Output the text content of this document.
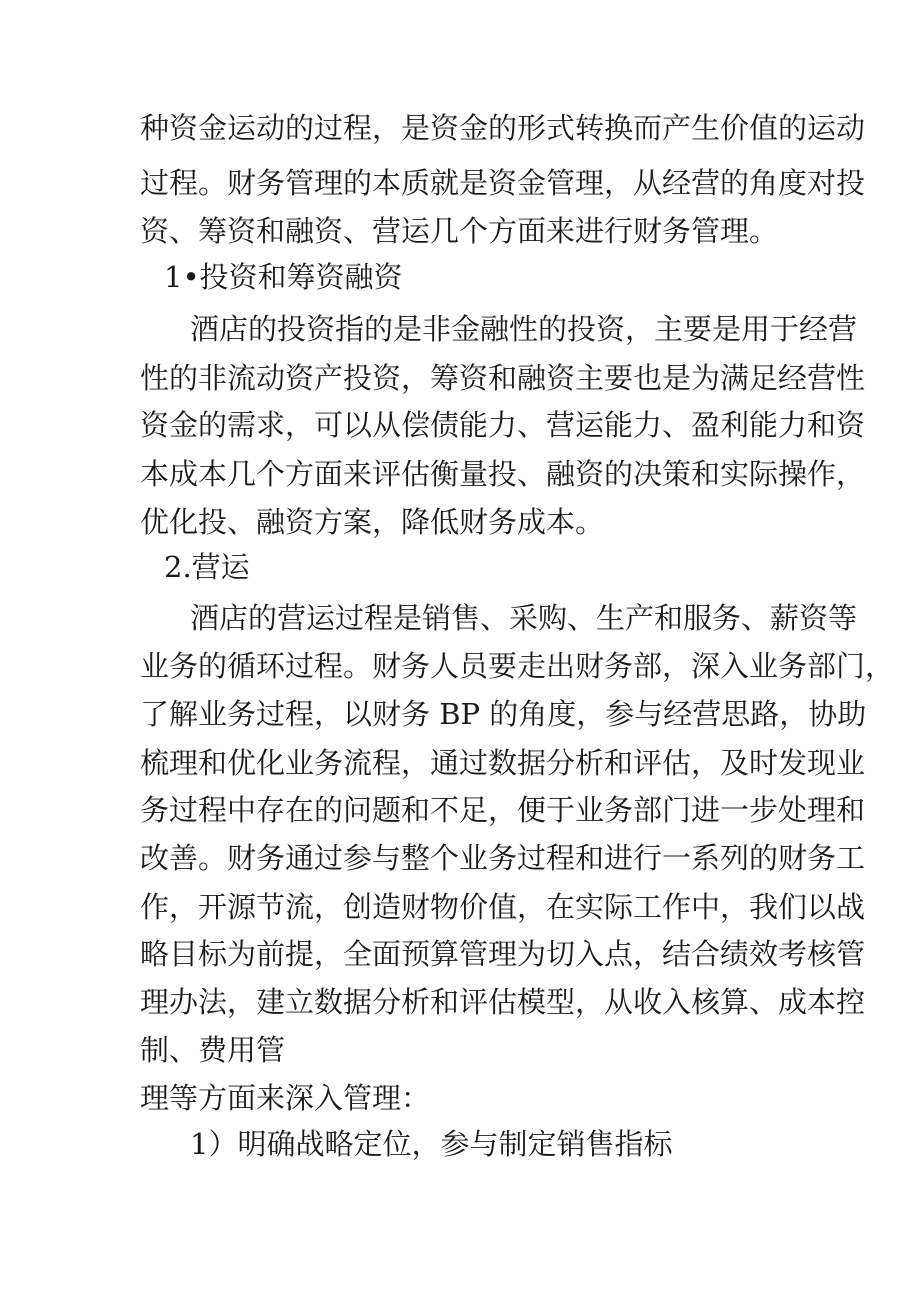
种资金运动的过程，是资金的形式转换而产生价值的运动

过程。财务管理的本质就是资金管理，从经营的角度对投

资、筹资和融资、营运几个方面来进行财务管理。

1•投资和筹资融资

酒店的投资指的是非金融性的投资，主要是用于经营

性的非流动资产投资，筹资和融资主要也是为满足经营性

资金的需求，可以从偿债能力、营运能力、盈利能力和资

本成本几个方面来评估衡量投、融资的决策和实际操作，

优化投、融资方案，降低财务成本。

2.营运

酒店的营运过程是销售、采购、生产和服务、薪资等

业务的循环过程。财务人员要走出财务部，深入业务部门，

了解业务过程，以财务 BP 的角度，参与经营思路，协助

梳理和优化业务流程，通过数据分析和评估，及时发现业

务过程中存在的问题和不足，便于业务部门进一步处理和

改善。财务通过参与整个业务过程和进行一系列的财务工

作，开源节流，创造财物价值，在实际工作中，我们以战

略目标为前提，全面预算管理为切入点，结合绩效考核管

理办法，建立数据分析和评估模型，从收入核算、成本控

制、费用管

理等方面来深入管理：

1）明确战略定位，参与制定销售指标
